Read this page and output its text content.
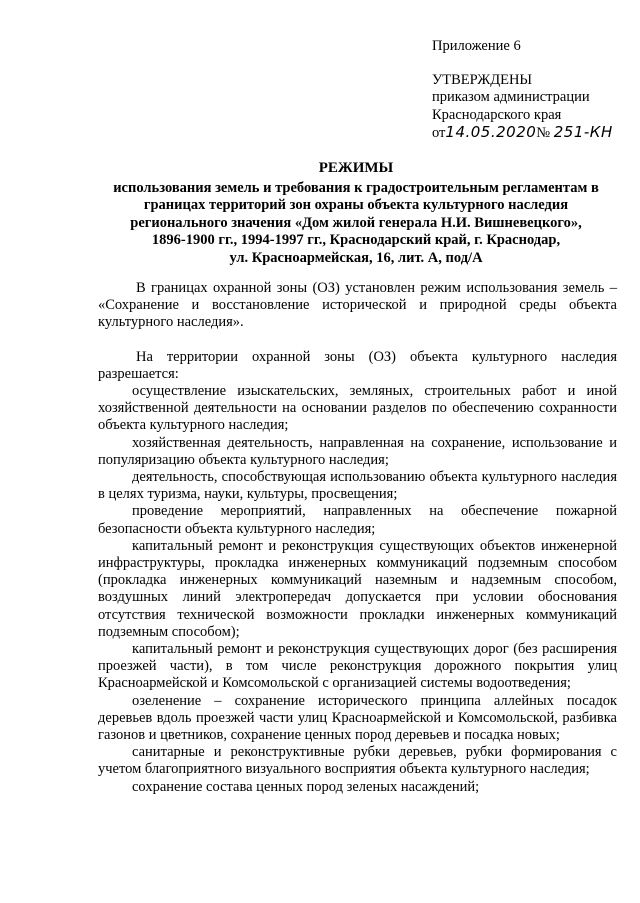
Приложение 6
УТВЕРЖДЕНЫ
приказом администрации
Краснодарского края
от14.05.2020№ 251-КН
РЕЖИМЫ
использования земель и требования к градостроительным регламентам в
границах территорий зон охраны объекта культурного наследия
регионального значения «Дом жилой генерала Н.И. Вишневецкого»,
1896-1900 гг., 1994-1997 гг., Краснодарский край, г. Краснодар,
ул. Красноармейская, 16, лит. А, под/А

В границах охранной зоны (ОЗ) установлен режим использования земель – «Сохранение и восстановление исторической и природной среды объекта культурного наследия».

На территории охранной зоны (ОЗ) объекта культурного наследия разрешается:

осуществление изыскательских, земляных, строительных работ и иной хозяйственной деятельности на основании разделов по обеспечению сохранности объекта культурного наследия;

хозяйственная деятельность, направленная на сохранение, использование и популяризацию объекта культурного наследия;

деятельность, способствующая использованию объекта культурного наследия в целях туризма, науки, культуры, просвещения;

проведение мероприятий, направленных на обеспечение пожарной безопасности объекта культурного наследия;

капитальный ремонт и реконструкция существующих объектов инженерной инфраструктуры, прокладка инженерных коммуникаций подземным способом (прокладка инженерных коммуникаций наземным и надземным способом, воздушных линий электропередач допускается при условии обоснования отсутствия технической возможности прокладки инженерных коммуникаций подземным способом);

капитальный ремонт и реконструкция существующих дорог (без расширения проезжей части), в том числе реконструкция дорожного покрытия улиц Красноармейской и Комсомольской с организацией системы водоотведения;

озеленение – сохранение исторического принципа аллейных посадок деревьев вдоль проезжей части улиц Красноармейской и Комсомольской, разбивка газонов и цветников, сохранение ценных пород деревьев и посадка новых;

санитарные и реконструктивные рубки деревьев, рубки формирования с учетом благоприятного визуального восприятия объекта культурного наследия;

сохранение состава ценных пород зеленых насаждений;
